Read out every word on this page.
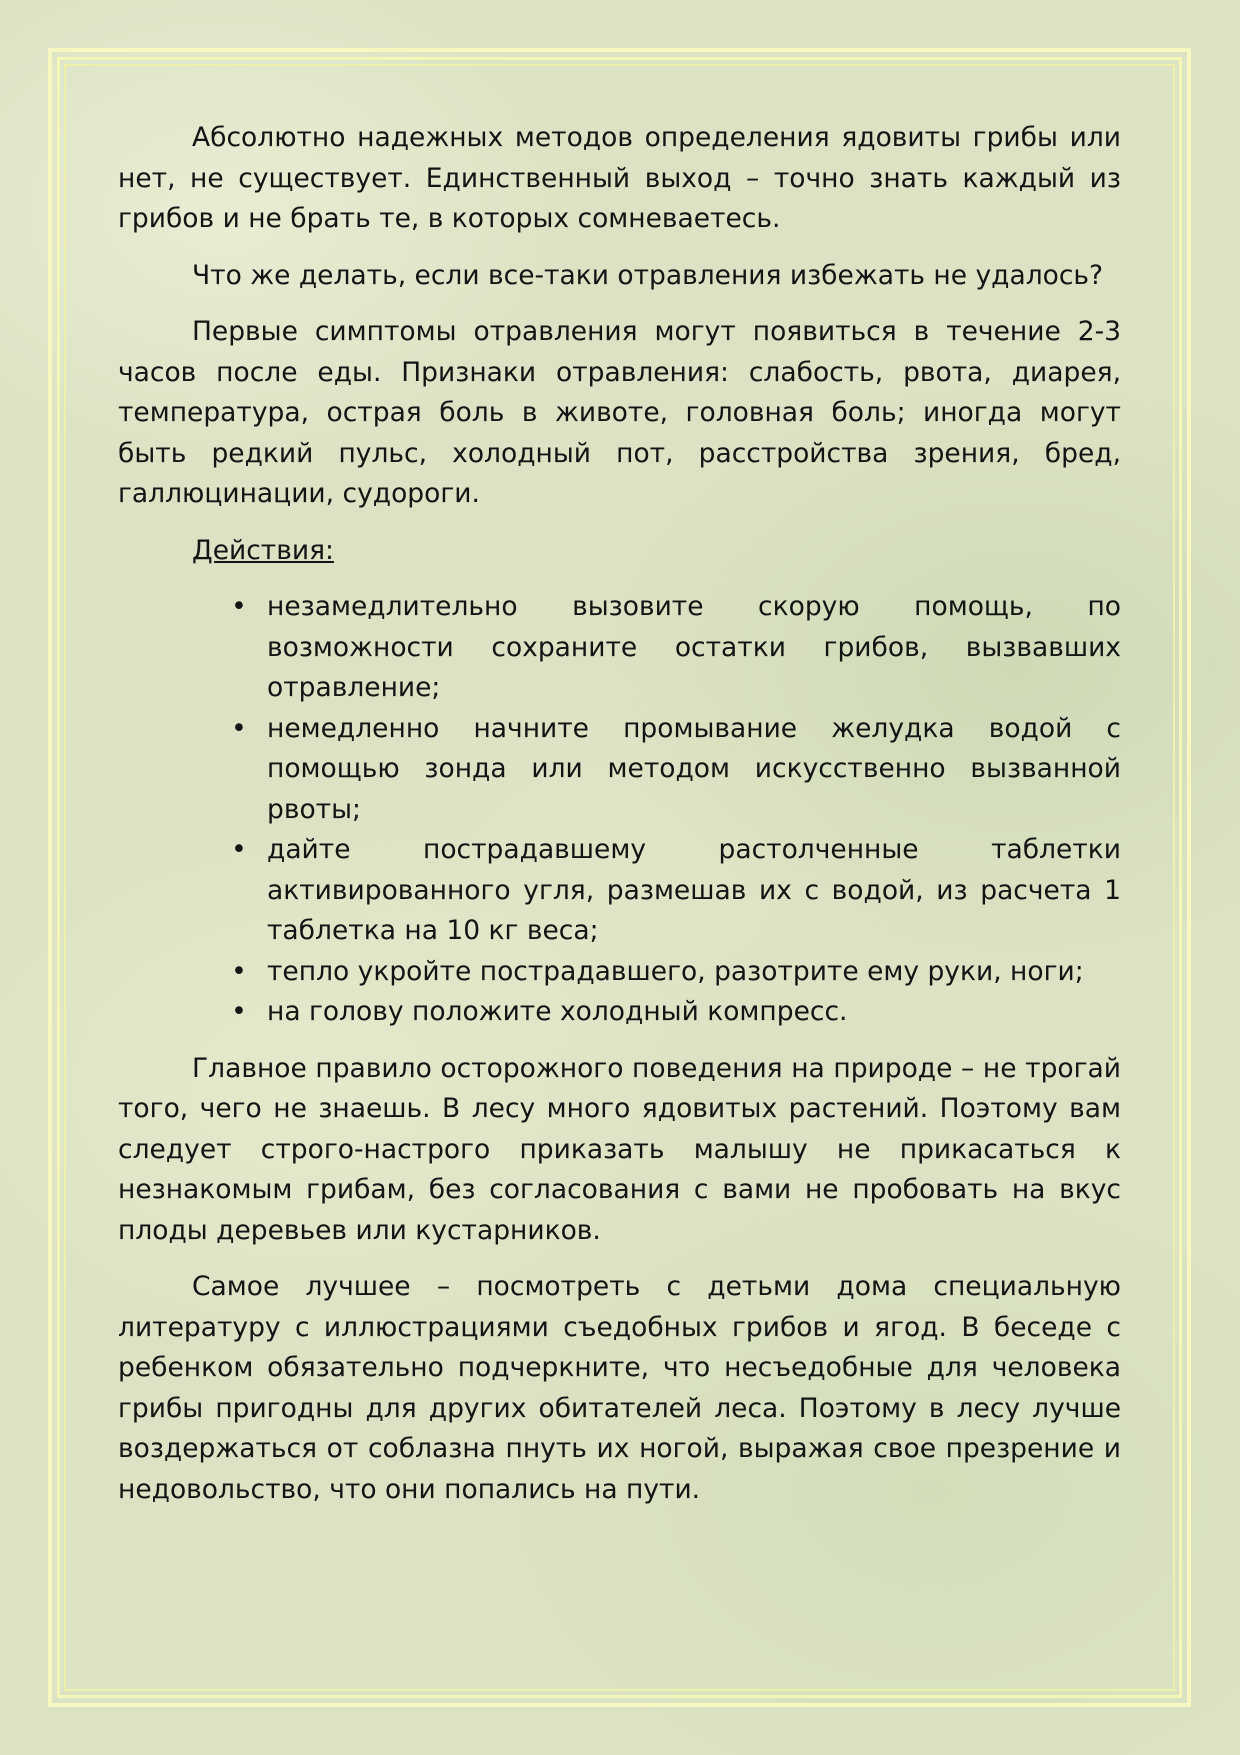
Абсолютно надежных методов определения ядовиты грибы или нет, не существует. Единственный выход – точно знать каждый из грибов и не брать те, в которых сомневаетесь.

Что же делать, если все-таки отравления избежать не удалось?

Первые симптомы отравления могут появиться в течение 2-3 часов после еды. Признаки отравления: слабость, рвота, диарея, температура, острая боль в животе, головная боль; иногда могут быть редкий пульс, холодный пот, расстройства зрения, бред, галлюцинации, судороги.

Действия:
• незамедлительно вызовите скорую помощь, по возможности сохраните остатки грибов, вызвавших отравление;
• немедленно начните промывание желудка водой с помощью зонда или методом искусственно вызванной рвоты;
• дайте пострадавшему растолченные таблетки активированного угля, размешав их с водой, из расчета 1 таблетка на 10 кг веса;
• тепло укройте пострадавшего, разотрите ему руки, ноги;
• на голову положите холодный компресс.

Главное правило осторожного поведения на природе – не трогай того, чего не знаешь. В лесу много ядовитых растений. Поэтому вам следует строго-настрого приказать малышу не прикасаться к незнакомым грибам, без согласования с вами не пробовать на вкус плоды деревьев или кустарников.

Самое лучшее – посмотреть с детьми дома специальную литературу с иллюстрациями съедобных грибов и ягод. В беседе с ребенком обязательно подчеркните, что несъедобные для человека грибы пригодны для других обитателей леса. Поэтому в лесу лучше воздержаться от соблазна пнуть их ногой, выражая свое презрение и недовольство, что они попались на пути.
